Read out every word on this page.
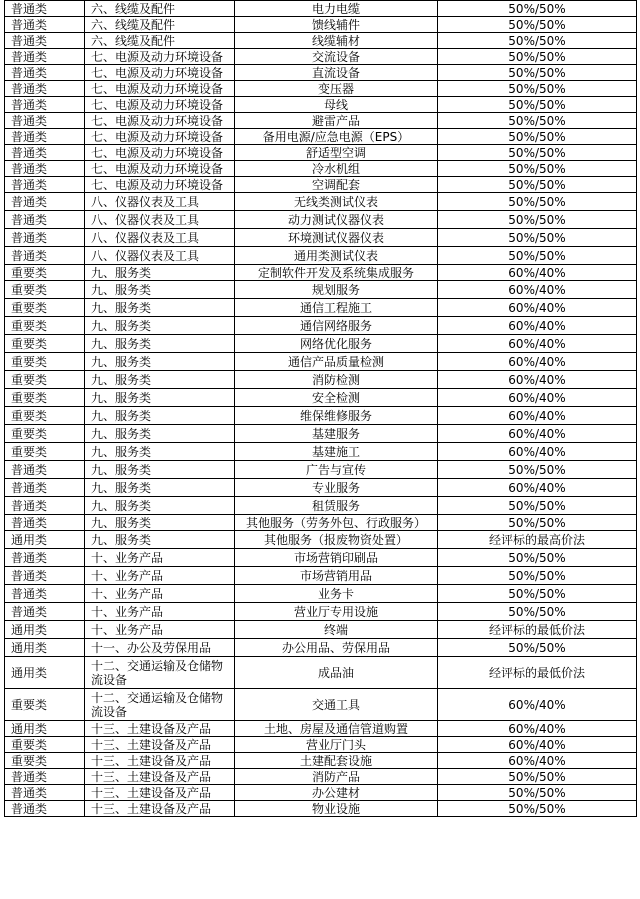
普通类	六、线缆及配件	电力电缆	50%/50%
普通类	六、线缆及配件	馈线辅件	50%/50%
普通类	六、线缆及配件	线缆辅材	50%/50%
普通类	七、电源及动力环境设备	交流设备	50%/50%
普通类	七、电源及动力环境设备	直流设备	50%/50%
普通类	七、电源及动力环境设备	变压器	50%/50%
普通类	七、电源及动力环境设备	母线	50%/50%
普通类	七、电源及动力环境设备	避雷产品	50%/50%
普通类	七、电源及动力环境设备	备用电源/应急电源（EPS）	50%/50%
普通类	七、电源及动力环境设备	舒适型空调	50%/50%
普通类	七、电源及动力环境设备	冷水机组	50%/50%
普通类	七、电源及动力环境设备	空调配套	50%/50%
普通类	八、仪器仪表及工具	无线类测试仪表	50%/50%
普通类	八、仪器仪表及工具	动力测试仪器仪表	50%/50%
普通类	八、仪器仪表及工具	环境测试仪器仪表	50%/50%
普通类	八、仪器仪表及工具	通用类测试仪表	50%/50%
重要类	九、服务类	定制软件开发及系统集成服务	60%/40%
重要类	九、服务类	规划服务	60%/40%
重要类	九、服务类	通信工程施工	60%/40%
重要类	九、服务类	通信网络服务	60%/40%
重要类	九、服务类	网络优化服务	60%/40%
重要类	九、服务类	通信产品质量检测	60%/40%
重要类	九、服务类	消防检测	60%/40%
重要类	九、服务类	安全检测	60%/40%
重要类	九、服务类	维保维修服务	60%/40%
重要类	九、服务类	基建服务	60%/40%
重要类	九、服务类	基建施工	60%/40%
普通类	九、服务类	广告与宣传	50%/50%
普通类	九、服务类	专业服务	60%/40%
普通类	九、服务类	租赁服务	50%/50%
普通类	九、服务类	其他服务（劳务外包、行政服务）	50%/50%
通用类	九、服务类	其他服务（报废物资处置）	经评标的最高价法
普通类	十、业务产品	市场营销印刷品	50%/50%
普通类	十、业务产品	市场营销用品	50%/50%
普通类	十、业务产品	业务卡	50%/50%
普通类	十、业务产品	营业厅专用设施	50%/50%
通用类	十、业务产品	终端	经评标的最低价法
通用类	十一、办公及劳保用品	办公用品、劳保用品	50%/50%
通用类	十二、交通运输及仓储物流设备	成品油	经评标的最低价法
重要类	十二、交通运输及仓储物流设备	交通工具	60%/40%
通用类	十三、土建设备及产品	土地、房屋及通信管道购置	60%/40%
重要类	十三、土建设备及产品	营业厅门头	60%/40%
重要类	十三、土建设备及产品	土建配套设施	60%/40%
普通类	十三、土建设备及产品	消防产品	50%/50%
普通类	十三、土建设备及产品	办公建材	50%/50%
普通类	十三、土建设备及产品	物业设施	50%/50%
